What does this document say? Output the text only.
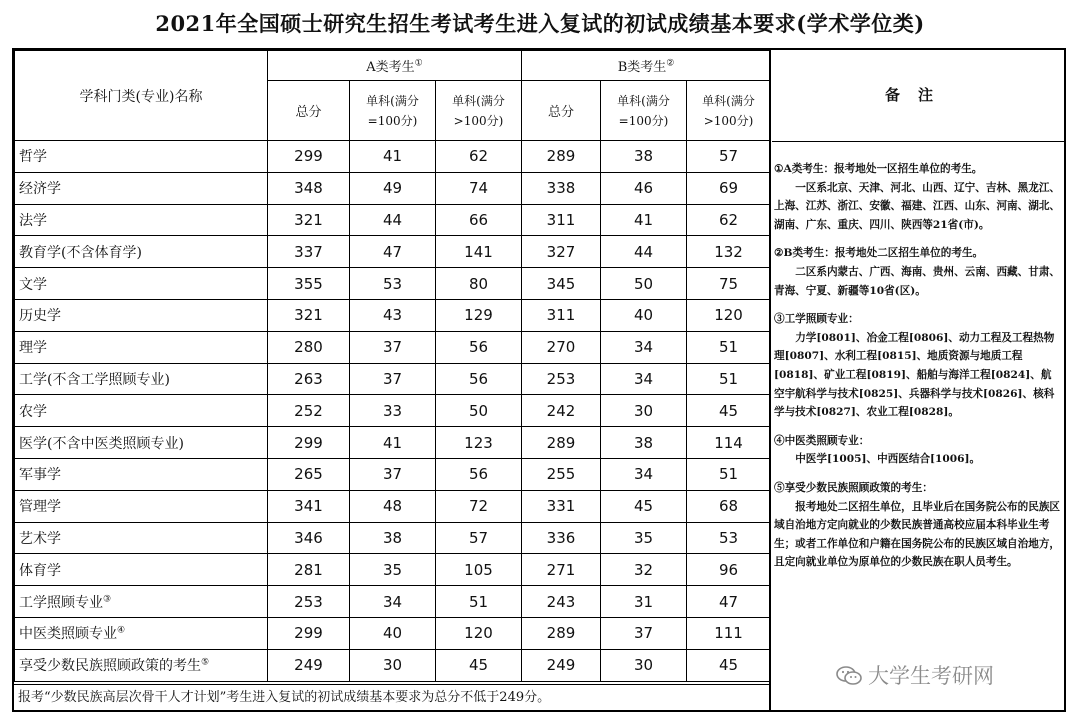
2021年全国硕士研究生招生考试考生进入复试的初试成绩基本要求(学术学位类)
学科门类(专业)名称	A类考生①			B类考生②
	总分	单科(满分=100分)	单科(满分>100分)	总分	单科(满分=100分)	单科(满分>100分)

哲学	299	41	62	289	38	57
经济学	348	49	74	338	46	69
法学	321	44	66	311	41	62
教育学(不含体育学)	337	47	141	327	44	132
文学	355	53	80	345	50	75
历史学	321	43	129	311	40	120
理学	280	37	56	270	34	51
工学(不含工学照顾专业)	263	37	56	253	34	51
农学	252	33	50	242	30	45
医学(不含中医类照顾专业)	299	41	123	289	38	114
军事学	265	37	56	255	34	51
管理学	341	48	72	331	45	68
艺术学	346	38	57	336	35	53
体育学	281	35	105	271	32	96
工学照顾专业③	253	34	51	243	31	47
中医类照顾专业④	299	40	120	289	37	111
享受少数民族照顾政策的考生⑤	249	30	45	249	30	45
报考“少数民族高层次骨干人才计划”考生进入复试的初试成绩基本要求为总分不低于249分。
备注

①A类考生：报考地处一区招生单位的考生。
一区系北京、天津、河北、山西、辽宁、吉林、黑龙江、上海、江苏、浙江、安徽、福建、江西、山东、河南、湖北、湖南、广东、重庆、四川、陕西等21省(市)。

②B类考生：报考地处二区招生单位的考生。
二区系内蒙古、广西、海南、贵州、云南、西藏、甘肃、青海、宁夏、新疆等10省(区)。

③工学照顾专业：
力学[0801]、冶金工程[0806]、动力工程及工程热物理[0807]、水利工程[0815]、地质资源与地质工程[0818]、矿业工程[0819]、船舶与海洋工程[0824]、航空宇航科学与技术[0825]、兵器科学与技术[0826]、核科学与技术[0827]、农业工程[0828]。

④中医类照顾专业：
中医学[1005]、中西医结合[1006]。

⑤享受少数民族照顾政策的考生：
报考地处二区招生单位，且毕业后在国务院公布的民族区域自治地方定向就业的少数民族普通高校应届本科毕业生考生；或者工作单位和户籍在国务院公布的民族区域自治地方，且定向就业单位为原单位的少数民族在职人员考生。

大学生考研网
